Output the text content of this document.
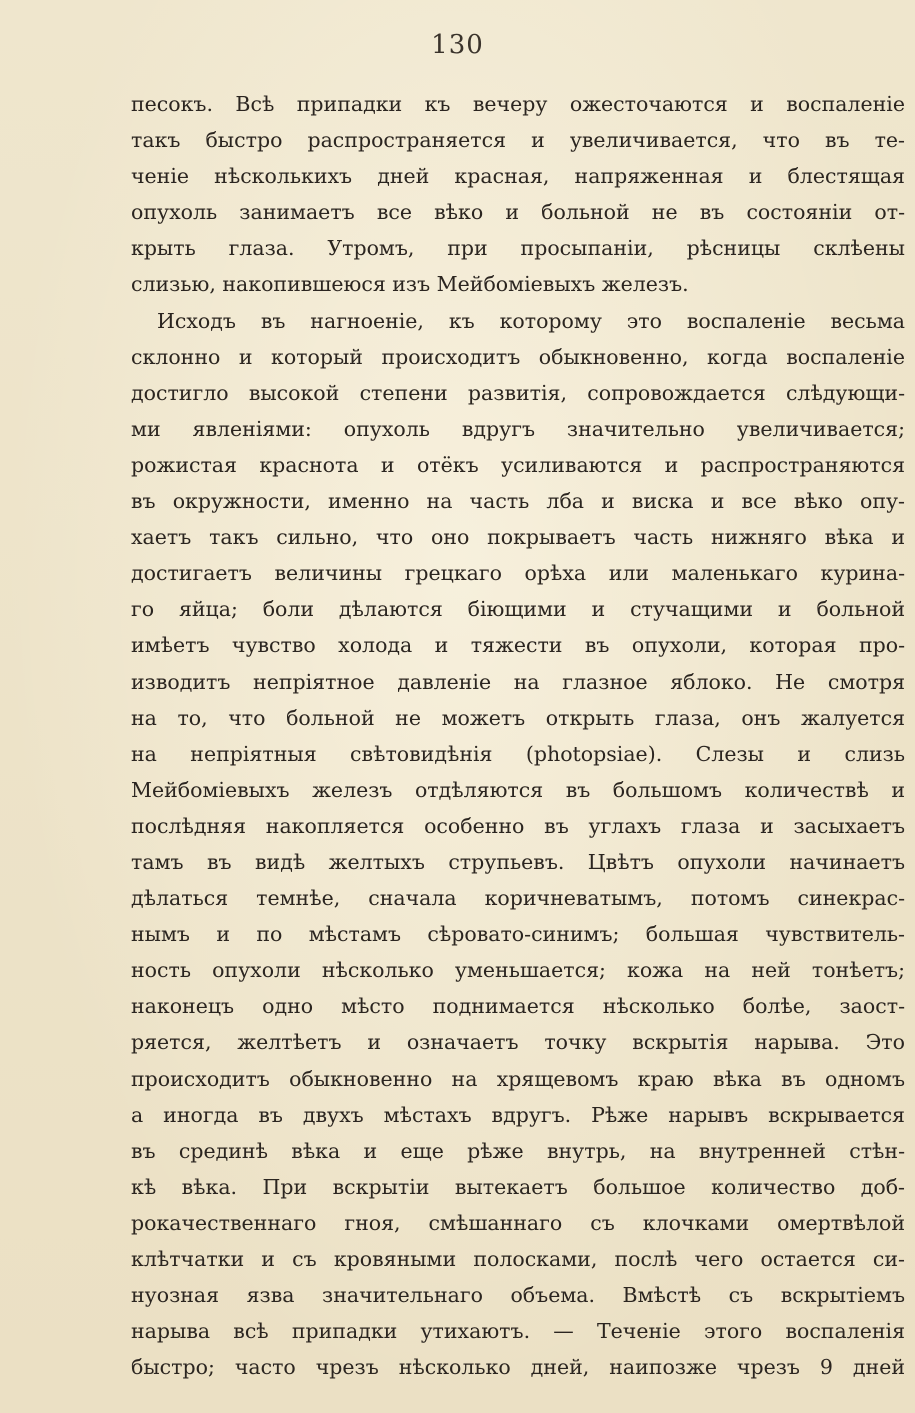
130
песокъ. Всѣ припадки къ вечеру ожесточаются и воспаленіе
такъ быстро распространяется и увеличивается, что въ те-
ченіе нѣсколькихъ дней красная, напряженная и блестящая
опухоль занимаетъ все вѣко и больной не въ состояніи от-
крыть глаза. Утромъ, при просыпаніи, рѣсницы склѣены
слизью, накопившеюся изъ Мейбоміевыхъ железъ.
Исходъ въ нагноеніе, къ которому это воспаленіе весьма
склонно и который происходитъ обыкновенно, когда воспаленіе
достигло высокой степени развитія, сопровождается слѣдующи-
ми явленіями: опухоль вдругъ значительно увеличивается;
рожистая краснота и отёкъ усиливаются и распространяются
въ окружности, именно на часть лба и виска и все вѣко опу-
хаетъ такъ сильно, что оно покрываетъ часть нижняго вѣка и
достигаетъ величины грецкаго орѣха или маленькаго курина-
го яйца; боли дѣлаются біющими и стучащими и больной
имѣетъ чувство холода и тяжести въ опухоли, которая про-
изводитъ непріятное давленіе на глазное яблоко. Не смотря
на то, что больной не можетъ открыть глаза, онъ жалуется
на непріятныя свѣтовидѣнія (photopsiae). Слезы и слизь
Мейбоміевыхъ железъ отдѣляются въ большомъ количествѣ и
послѣдняя накопляется особенно въ углахъ глаза и засыхаетъ
тамъ въ видѣ желтыхъ струпьевъ. Цвѣтъ опухоли начинаетъ
дѣлаться темнѣе, сначала коричневатымъ, потомъ синекрас-
нымъ и по мѣстамъ сѣровато-синимъ; большая чувствитель-
ность опухоли нѣсколько уменьшается; кожа на ней тонѣетъ;
наконецъ одно мѣсто поднимается нѣсколько болѣе, заост-
ряется, желтѣетъ и означаетъ точку вскрытія нарыва. Это
происходитъ обыкновенно на хрящевомъ краю вѣка въ одномъ
а иногда въ двухъ мѣстахъ вдругъ. Рѣже нарывъ вскрывается
въ срединѣ вѣка и еще рѣже внутрь, на внутренней стѣн-
кѣ вѣка. При вскрытіи вытекаетъ большое количество доб-
рокачественнаго гноя, смѣшаннаго съ клочками омертвѣлой
клѣтчатки и съ кровяными полосками, послѣ чего остается си-
нуозная язва значительнаго объема. Вмѣстѣ съ вскрытіемъ
нарыва всѣ припадки утихаютъ. — Теченіе этого воспаленія
быстро; часто чрезъ нѣсколько дней, наипозже чрезъ 9 дней
